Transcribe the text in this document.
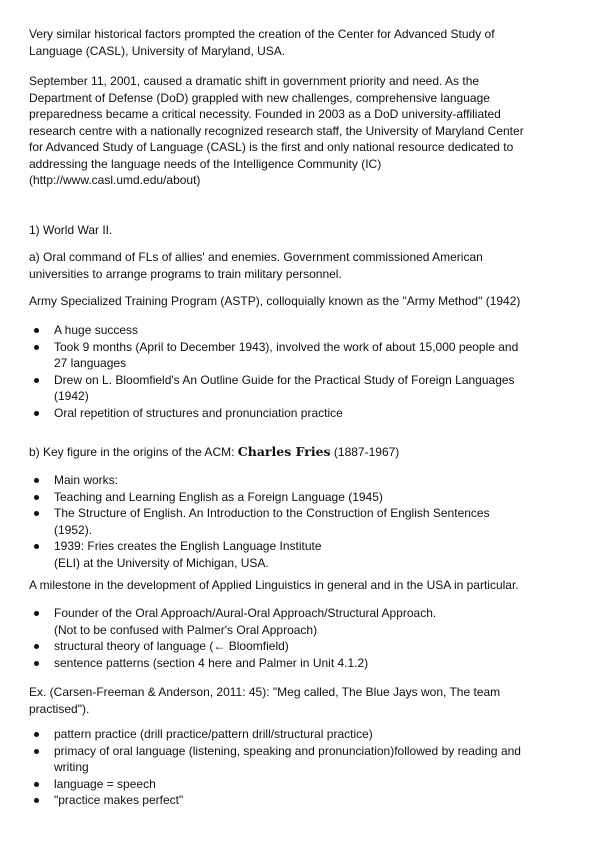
Very similar historical factors prompted the creation of the Center for Advanced Study of
Language (CASL), University of Maryland, USA.

September 11, 2001, caused a dramatic shift in government priority and need. As the
Department of Defense (DoD) grappled with new challenges, comprehensive language
preparedness became a critical necessity. Founded in 2003 as a DoD university-affiliated
research centre with a nationally recognized research staff, the University of Maryland Center
for Advanced Study of Language (CASL) is the first and only national resource dedicated to
addressing the language needs of the Intelligence Community (IC)
(http://www.casl.umd.edu/about)

1) World War II.

a) Oral command of FLs of allies' and enemies. Government commissioned American
universities to arrange programs to train military personnel.

Army Specialized Training Program (ASTP), colloquially known as the "Army Method" (1942)

A huge success
Took 9 months (April to December 1943), involved the work of about 15,000 people and
27 languages
Drew on L. Bloomfield's An Outline Guide for the Practical Study of Foreign Languages
(1942)
Oral repetition of structures and pronunciation practice

b) Key figure in the origins of the ACM: Charles Fries (1887-1967)

Main works:
Teaching and Learning English as a Foreign Language (1945)
The Structure of English. An Introduction to the Construction of English Sentences
(1952).
1939: Fries creates the English Language Institute
(ELI) at the University of Michigan, USA.

A milestone in the development of Applied Linguistics in general and in the USA in particular.

Founder of the Oral Approach/Aural-Oral Approach/Structural Approach.
(Not to be confused with Palmer's Oral Approach)
structural theory of language (← Bloomfield)
sentence patterns (section 4 here and Palmer in Unit 4.1.2)

Ex. (Carsen-Freeman & Anderson, 2011: 45): "Meg called, The Blue Jays won, The team
practised").

pattern practice (drill practice/pattern drill/structural practice)
primacy of oral language (listening, speaking and pronunciation)followed by reading and
writing
language = speech
"practice makes perfect"
